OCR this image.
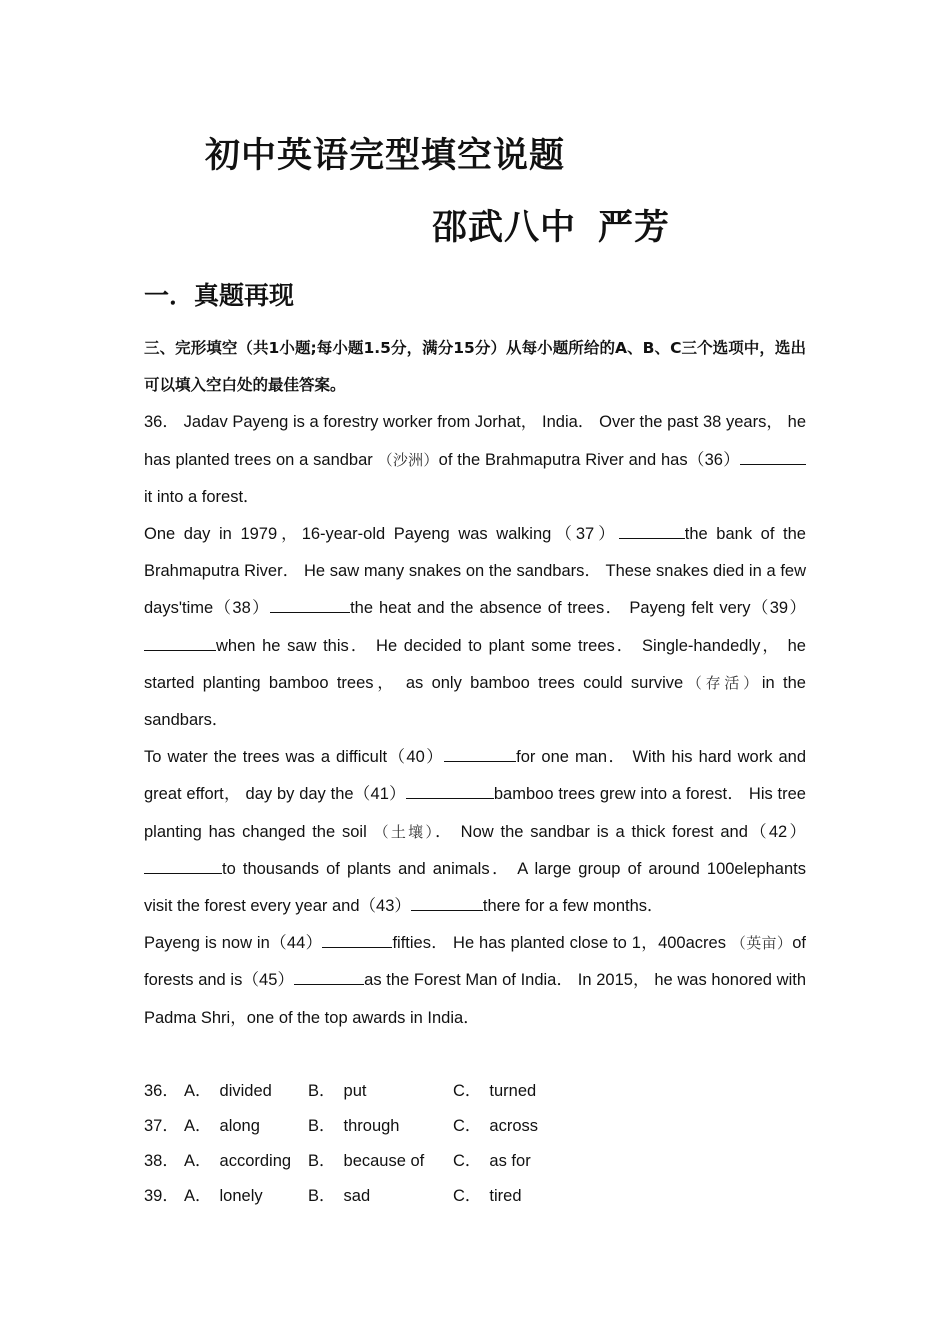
初中英语完型填空说题
邵武八中 严芳
一．真题再现
三、完形填空（共1小题;每小题1.5分，满分15分）从每小题所给的A、B、C三个选项中，选出可以填入空白处的最佳答案。
36． Jadav Payeng is a forestry worker from Jorhat， India． Over the past 38 years， he has planted trees on a sandbar （沙洲）of the Brahmaputra River and has（36）it into a forest．
One day in 1979，16‐year‐old Payeng was walking（37）	the bank of the Brahmaputra River． He saw many snakes on the sandbars． These snakes died in a few days'time（38）	the heat and the absence of trees． Payeng felt very（39）when he saw this． He decided to plant some trees． Single‐handedly， he started planting bamboo trees， as only bamboo trees could survive（存活）in the sandbars．
To water the trees was a difficult（40）	for one man． With his hard work and great effort， day by day the（41）	bamboo trees grew into a forest． His tree planting has changed the soil （土壤）． Now the sandbar is a thick forest and（42）to thousands of plants and animals． A large group of around 100elephants visit the forest every year and（43）	there for a few months．
Payeng is now in（44）	fifties． He has planted close to 1，400acres （英亩）of forests and is（45）	as the Forest Man of India． In 2015， he was honored with Padma Shri，one of the top awards in India．
36． A． divided B． put	C． turned
37． A． along	B． through	C． across
38． A． according B． because of C． as for
39． A． lonely	B． sad	C． tired
